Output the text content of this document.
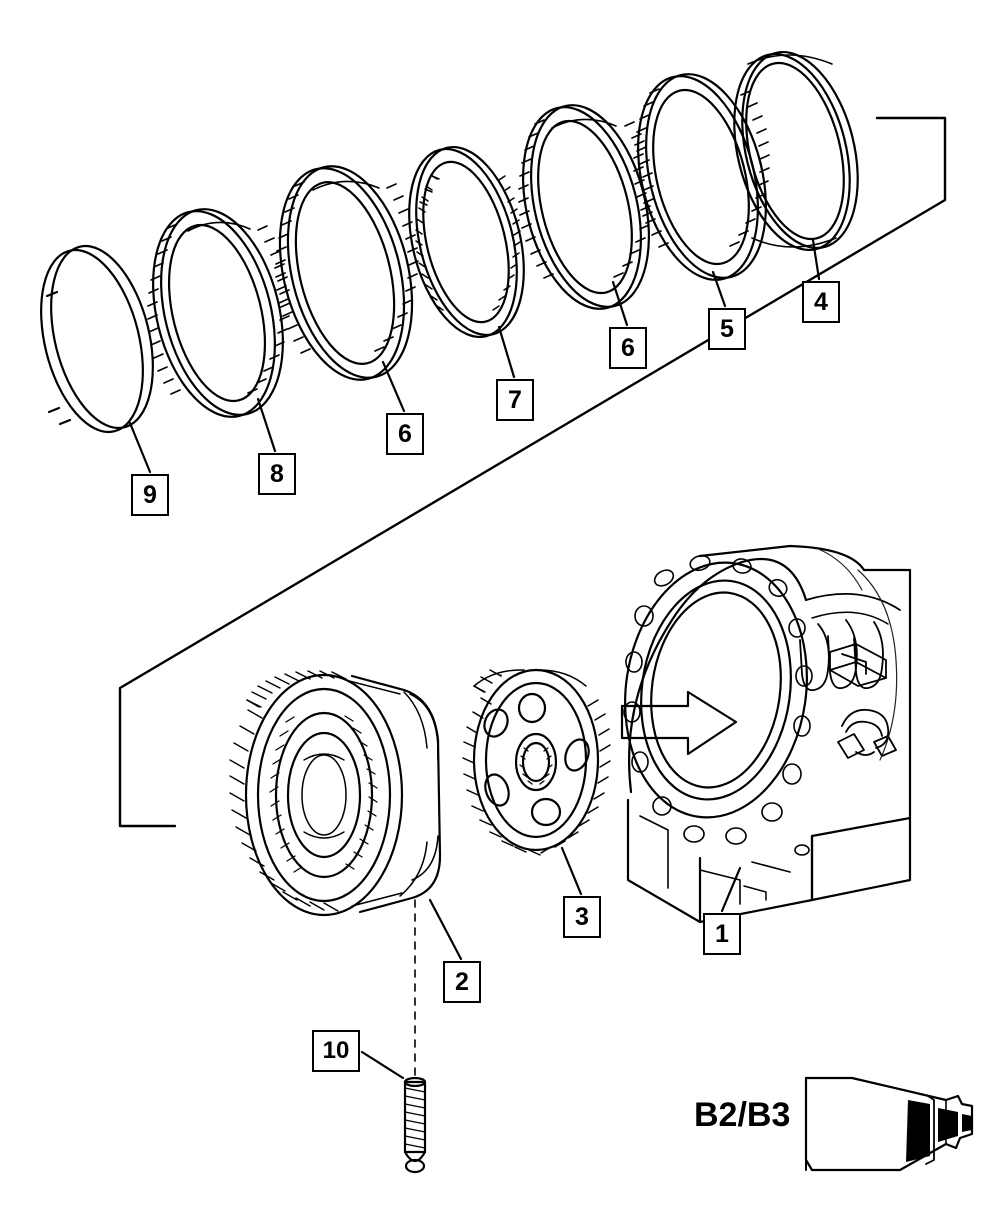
9
8
6
7
6
5
4
2
3
1
10
B2/B3
